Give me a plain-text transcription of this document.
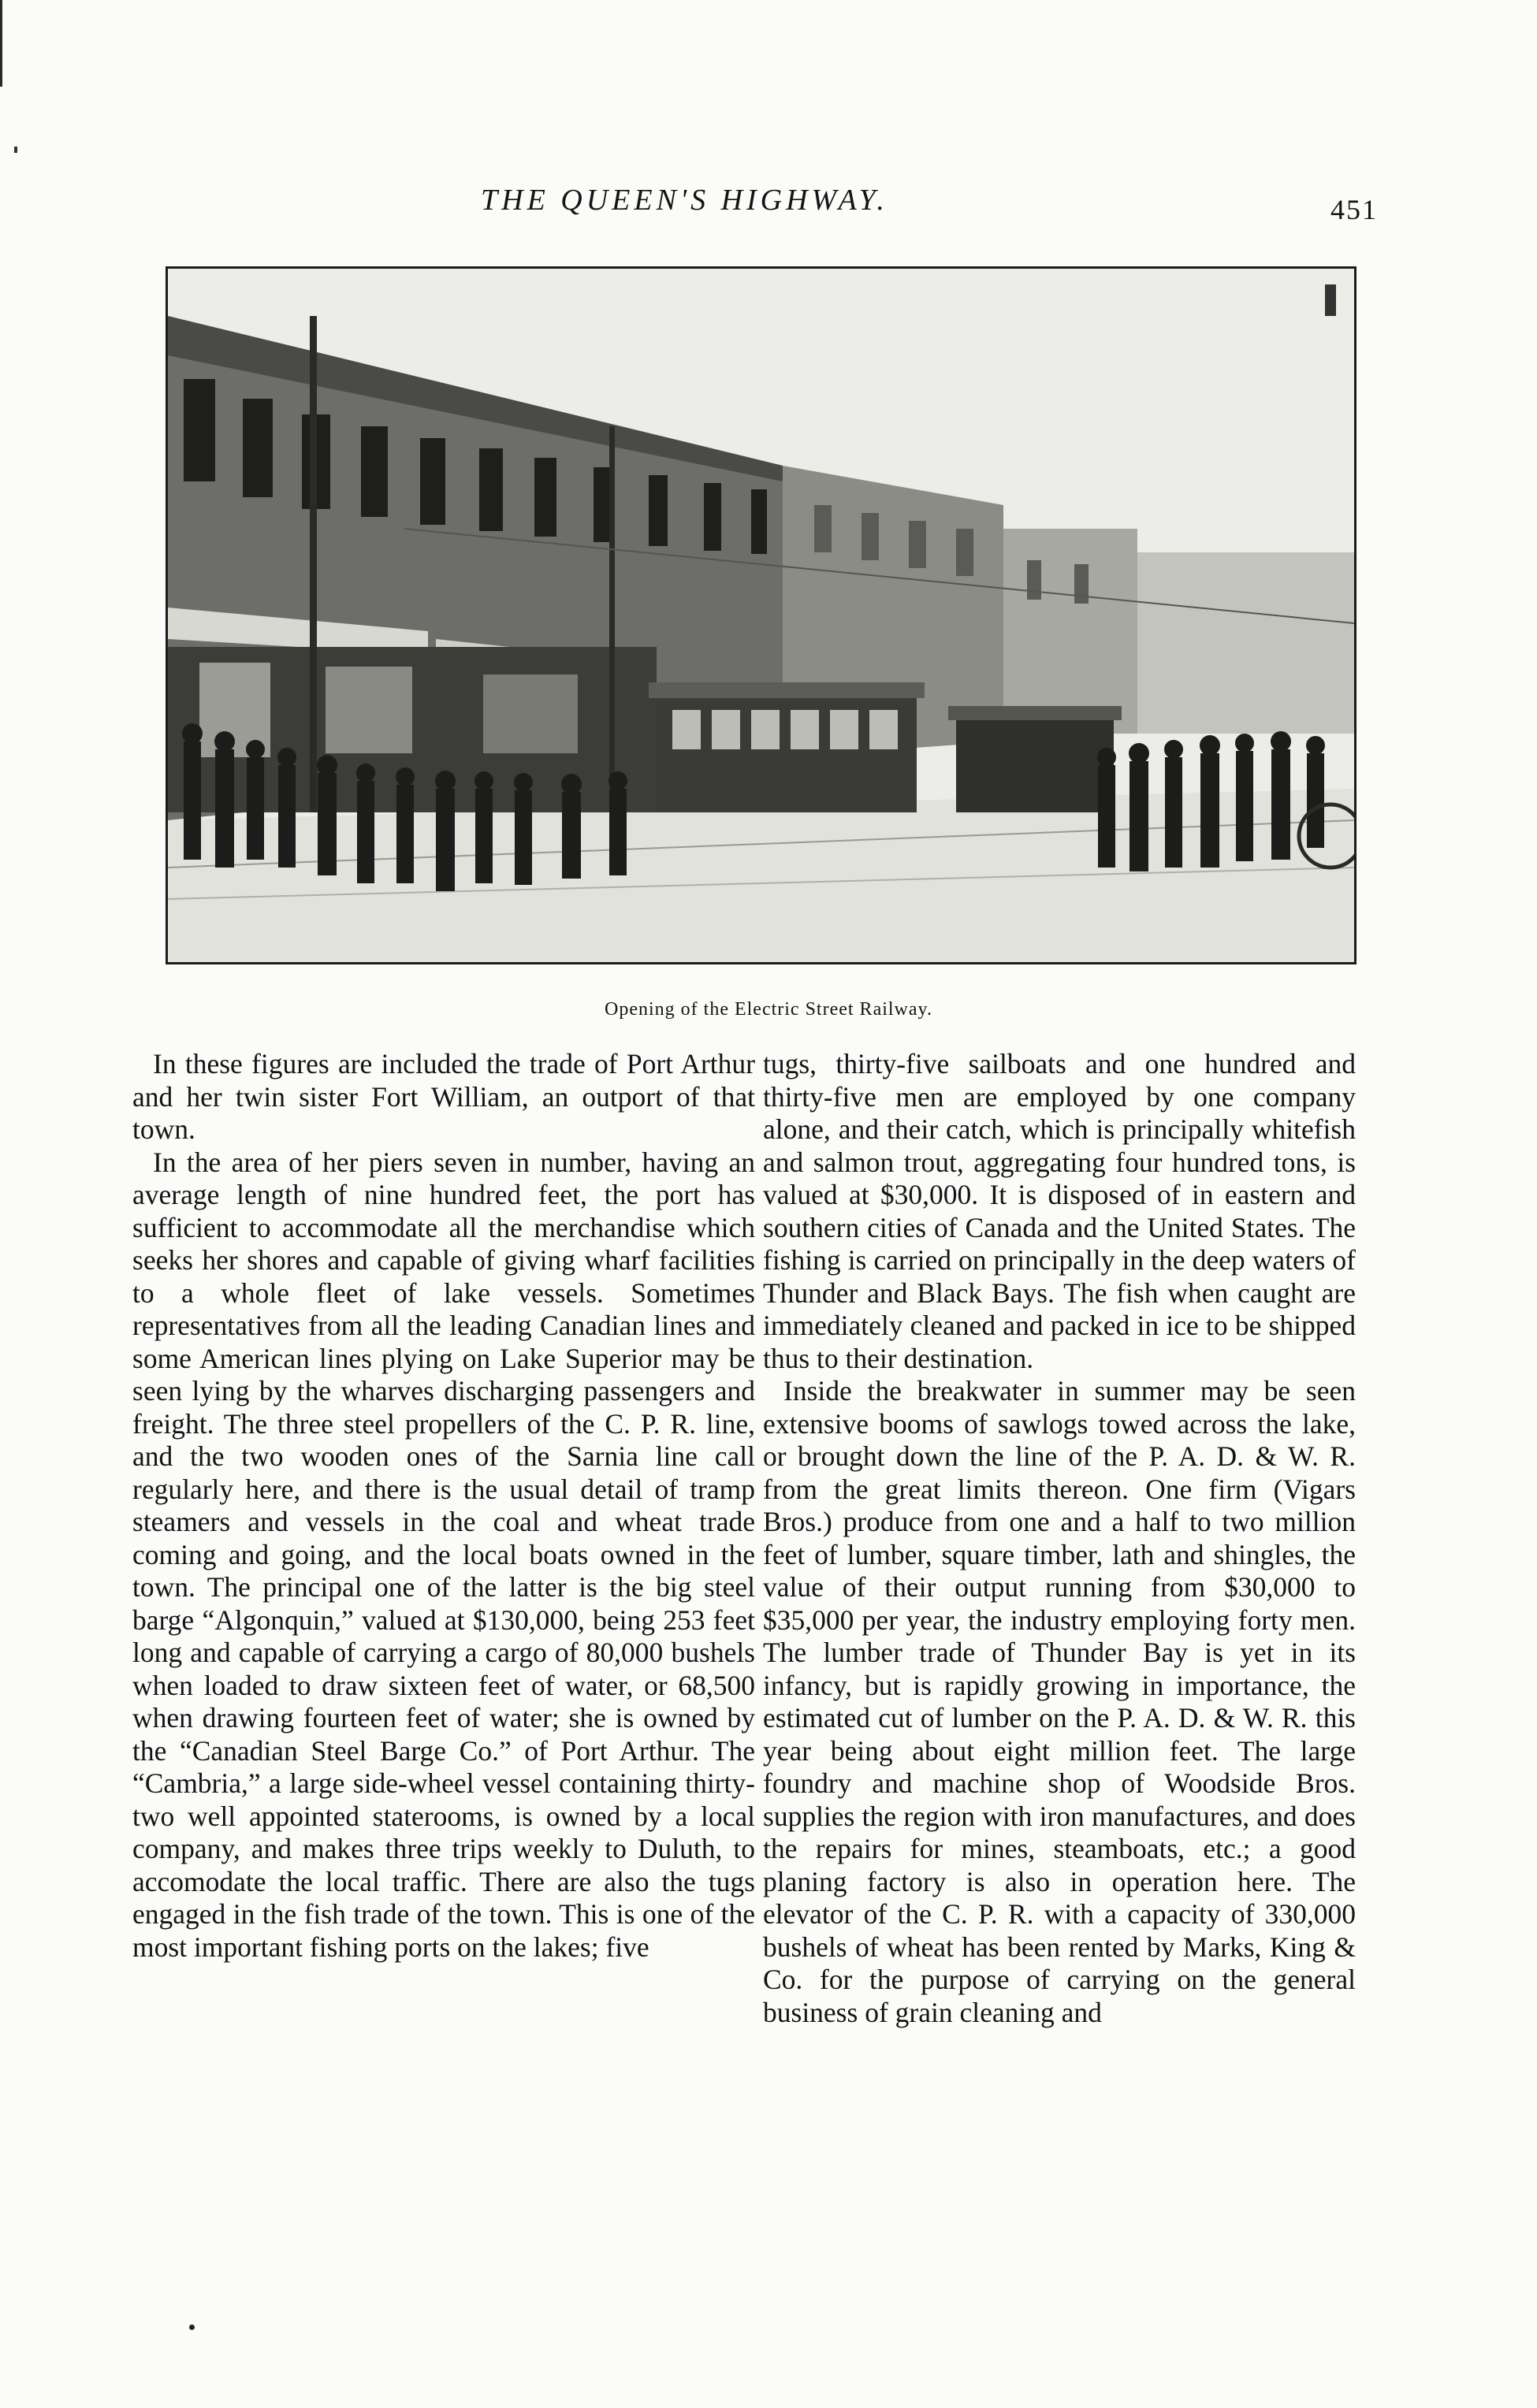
THE QUEEN'S HIGHWAY.	451
Opening of the Electric Street Railway.

In these figures are included the trade of Port Arthur and her twin sister Fort William, an outport of that town.

In the area of her piers seven in number, having an average length of nine hundred feet, the port has sufficient to accommodate all the merchandise which seeks her shores and capable of giving wharf facilities to a whole fleet of lake vessels. Sometimes representatives from all the leading Canadian lines and some American lines plying on Lake Superior may be seen lying by the wharves discharging passengers and freight. The three steel propellers of the C. P. R. line, and the two wooden ones of the Sarnia line call regularly here, and there is the usual detail of tramp steamers and vessels in the coal and wheat trade coming and going, and the local boats owned in the town. The principal one of the latter is the big steel barge “Algonquin,” valued at $130,000, being 253 feet long and capable of carrying a cargo of 80,000 bushels when loaded to draw sixteen feet of water, or 68,500 when drawing fourteen feet of water; she is owned by the “Canadian Steel Barge Co.” of Port Arthur. The “Cambria,” a large side-wheel vessel containing thirty-two well appointed staterooms, is owned by a local company, and makes three trips weekly to Duluth, to accomodate the local traffic. There are also the tugs engaged in the fish trade of the town. This is one of the most important fishing ports on the lakes; five

tugs, thirty-five sailboats and one hundred and thirty-five men are employed by one company alone, and their catch, which is principally whitefish and salmon trout, aggregating four hundred tons, is valued at $30,000. It is disposed of in eastern and southern cities of Canada and the United States. The fishing is carried on principally in the deep waters of Thunder and Black Bays. The fish when caught are immediately cleaned and packed in ice to be shipped thus to their destination.

Inside the breakwater in summer may be seen extensive booms of sawlogs towed across the lake, or brought down the line of the P. A. D. & W. R. from the great limits thereon. One firm (Vigars Bros.) produce from one and a half to two million feet of lumber, square timber, lath and shingles, the value of their output running from $30,000 to $35,000 per year, the industry employing forty men. The lumber trade of Thunder Bay is yet in its infancy, but is rapidly growing in importance, the estimated cut of lumber on the P. A. D. & W. R. this year being about eight million feet. The large foundry and machine shop of Woodside Bros. supplies the region with iron manufactures, and does the repairs for mines, steamboats, etc.; a good planing factory is also in operation here. The elevator of the C. P. R. with a capacity of 330,000 bushels of wheat has been rented by Marks, King & Co. for the purpose of carrying on the general business of grain cleaning and
